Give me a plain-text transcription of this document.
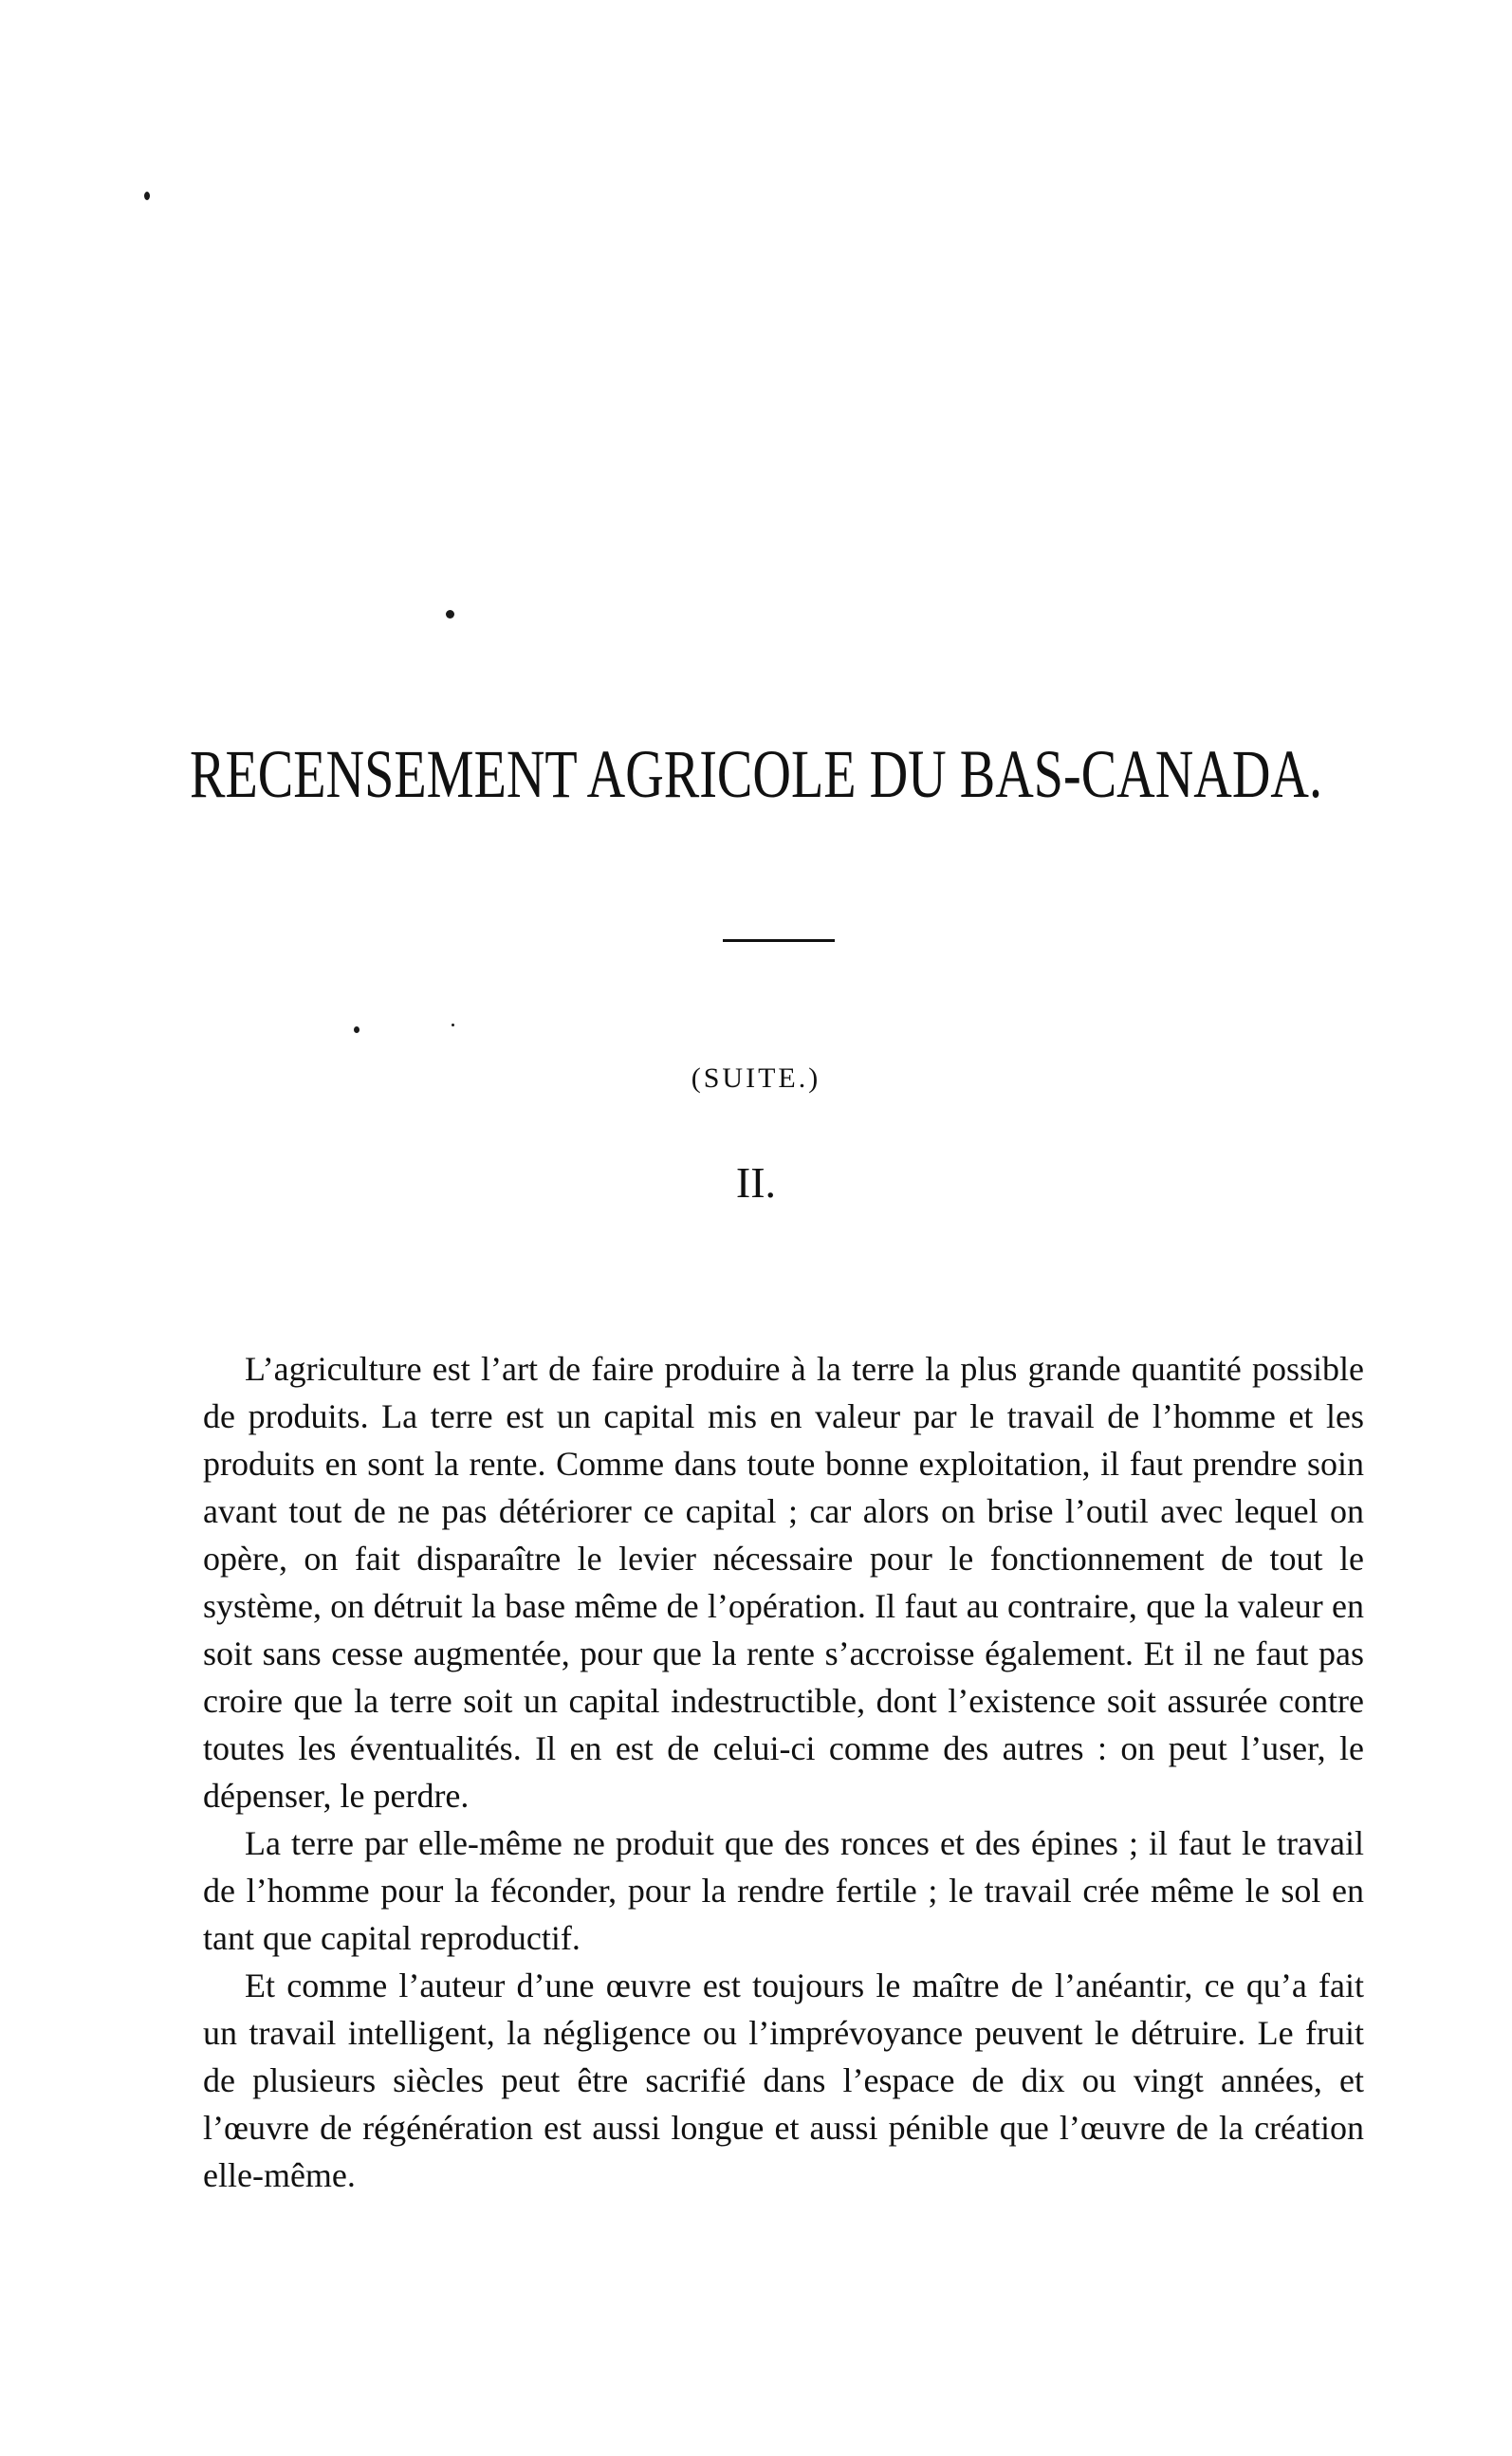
RECENSEMENT AGRICOLE DU BAS-CANADA.
(SUITE.)
II.

L’agriculture est l’art de faire produire à la terre la plus grande quantité possible de produits. La terre est un capital mis en valeur par le travail de l’homme et les produits en sont la rente. Comme dans toute bonne exploitation, il faut prendre soin avant tout de ne pas détériorer ce capital ; car alors on brise l’outil avec lequel on opère, on fait disparaître le levier nécessaire pour le fonctionnement de tout le système, on détruit la base même de l’opération. Il faut au contraire, que la valeur en soit sans cesse augmentée, pour que la rente s’accroisse également. Et il ne faut pas croire que la terre soit un capital indestructible, dont l’existence soit assurée contre toutes les éventualités. Il en est de celui-ci comme des autres : on peut l’user, le dépenser, le perdre.

La terre par elle-même ne produit que des ronces et des épines ; il faut le travail de l’homme pour la féconder, pour la rendre fertile ; le travail crée même le sol en tant que capital reproductif.

Et comme l’auteur d’une œuvre est toujours le maître de l’anéantir, ce qu’a fait un travail intelligent, la négligence ou l’imprévoyance peuvent le détruire. Le fruit de plusieurs siècles peut être sacrifié dans l’espace de dix ou vingt années, et l’œuvre de régénération est aussi longue et aussi pénible que l’œuvre de la création elle-même.
